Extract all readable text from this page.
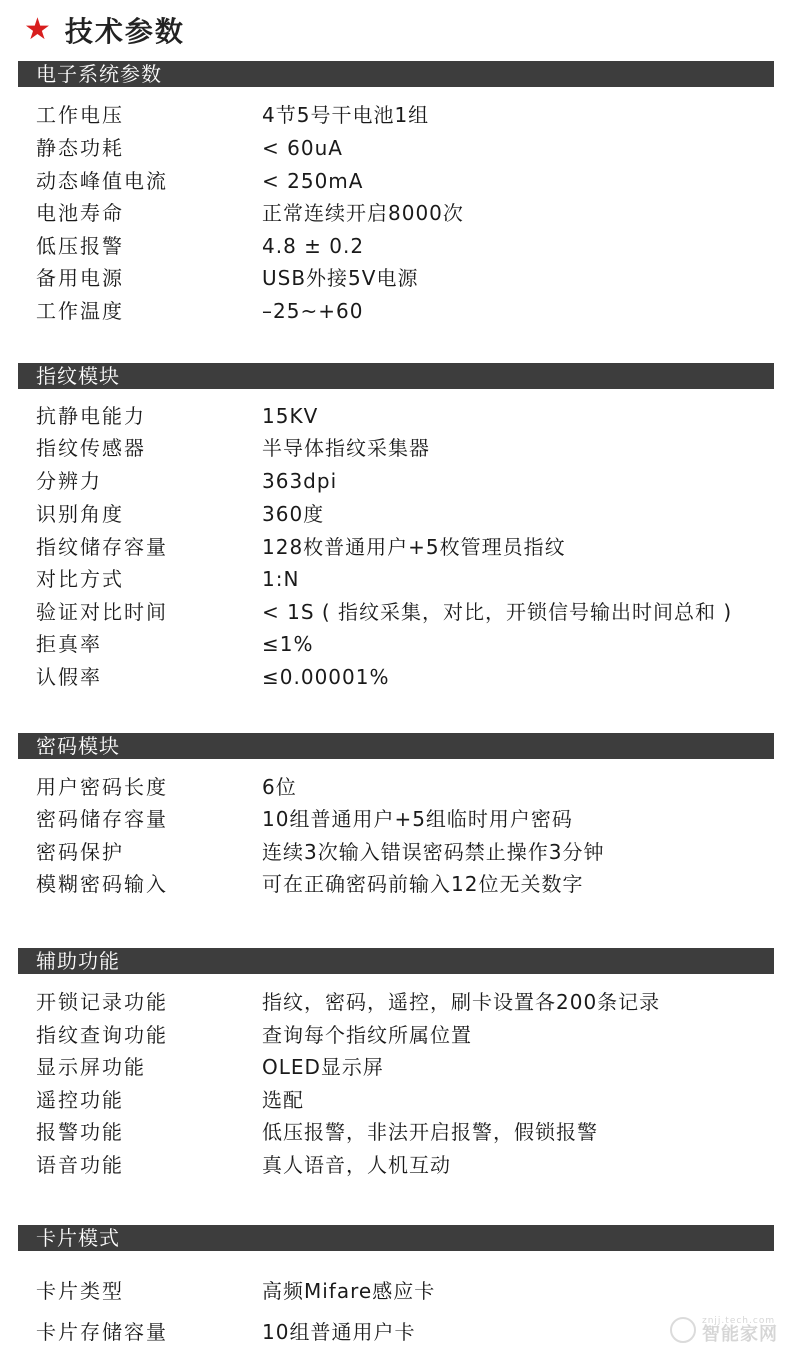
★ 技术参数
电子系统参数
工作电压	4节5号干电池1组
静态功耗	< 60uA
动态峰值电流	< 250mA
电池寿命	正常连续开启8000次
低压报警	4.8 ± 0.2
备用电源	USB外接5V电源
工作温度	–25~+60
指纹模块
抗静电能力	15KV
指纹传感器	半导体指纹采集器
分辨力	363dpi
识别角度	360度
指纹储存容量	128枚普通用户+5枚管理员指纹
对比方式	1:N
验证对比时间	< 1S ( 指纹采集，对比，开锁信号输出时间总和 )
拒真率	≤1%
认假率	≤0.00001%
密码模块
用户密码长度	6位
密码储存容量	10组普通用户+5组临时用户密码
密码保护	连续3次输入错误密码禁止操作3分钟
模糊密码输入	可在正确密码前输入12位无关数字
辅助功能
开锁记录功能	指纹，密码，遥控，刷卡设置各200条记录
指纹查询功能	查询每个指纹所属位置
显示屏功能	OLED显示屏
遥控功能	选配
报警功能	低压报警，非法开启报警，假锁报警
语音功能	真人语音，人机互动
卡片模式
卡片类型	高频Mifare感应卡
卡片存储容量	10组普通用户卡	znjj.tech.com
智能家网
